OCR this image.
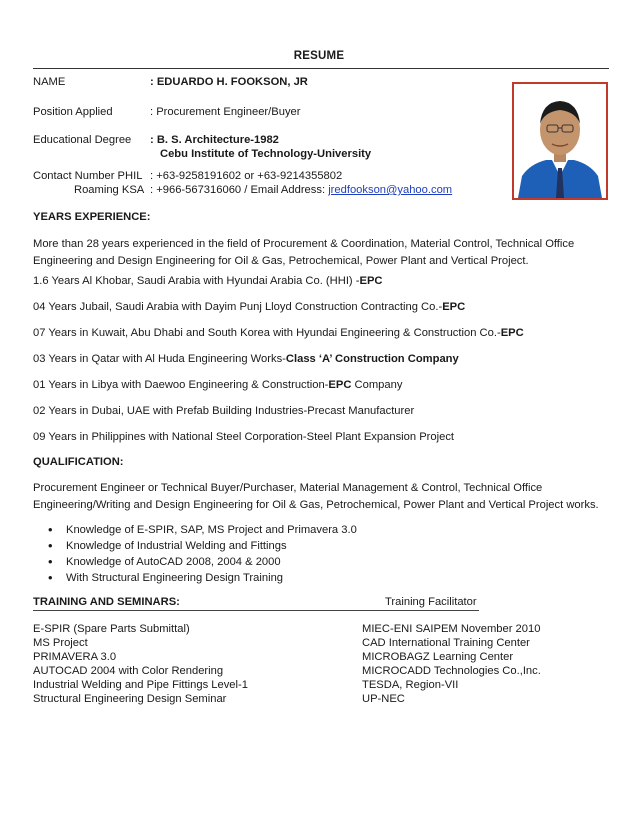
RESUME
NAME	: EDUARDO H. FOOKSON, JR
Position Applied	: Procurement Engineer/Buyer
Educational Degree : B. S. Architecture-1982
Cebu Institute of Technology-University
Contact Number PHIL : +63-9258191602 or +63-9214355802
Roaming KSA : +966-567316060 / Email Address: jredfookson@yahoo.com
YEARS EXPERIENCE:
More than 28 years experienced in the field of Procurement & Coordination, Material Control, Technical Office Engineering and Design Engineering for Oil & Gas, Petrochemical, Power Plant and Vertical Project.
1.6 Years Al Khobar, Saudi Arabia with Hyundai Arabia Co. (HHI) -EPC
04 Years Jubail, Saudi Arabia with Dayim Punj Lloyd Construction Contracting Co.-EPC
07 Years in Kuwait, Abu Dhabi and South Korea with Hyundai Engineering & Construction Co.-EPC
03 Years in Qatar with Al Huda Engineering Works-Class ‘A’ Construction Company
01 Years in Libya with Daewoo Engineering & Construction-EPC Company
02 Years in Dubai, UAE with Prefab Building Industries-Precast Manufacturer
09 Years in Philippines with National Steel Corporation-Steel Plant Expansion Project
QUALIFICATION:
Procurement Engineer or Technical Buyer/Purchaser, Material Management & Control, Technical Office Engineering/Writing and Design Engineering for Oil & Gas, Petrochemical, Power Plant and Vertical Project works.
• Knowledge of E-SPIR, SAP, MS Project and Primavera 3.0
• Knowledge of Industrial Welding and Fittings
• Knowledge of AutoCAD 2008, 2004 & 2000
• With Structural Engineering Design Training
TRAINING AND SEMINARS:	Training Facilitator
E-SPIR (Spare Parts Submittal)	MIEC-ENI SAIPEM November 2010
MS Project	CAD International Training Center
PRIMAVERA 3.0	MICROBAGZ Learning Center
AUTOCAD 2004 with Color Rendering	MICROCADD Technologies Co.,Inc.
Industrial Welding and Pipe Fittings Level-1	TESDA, Region-VII
Structural Engineering Design Seminar	UP-NEC
